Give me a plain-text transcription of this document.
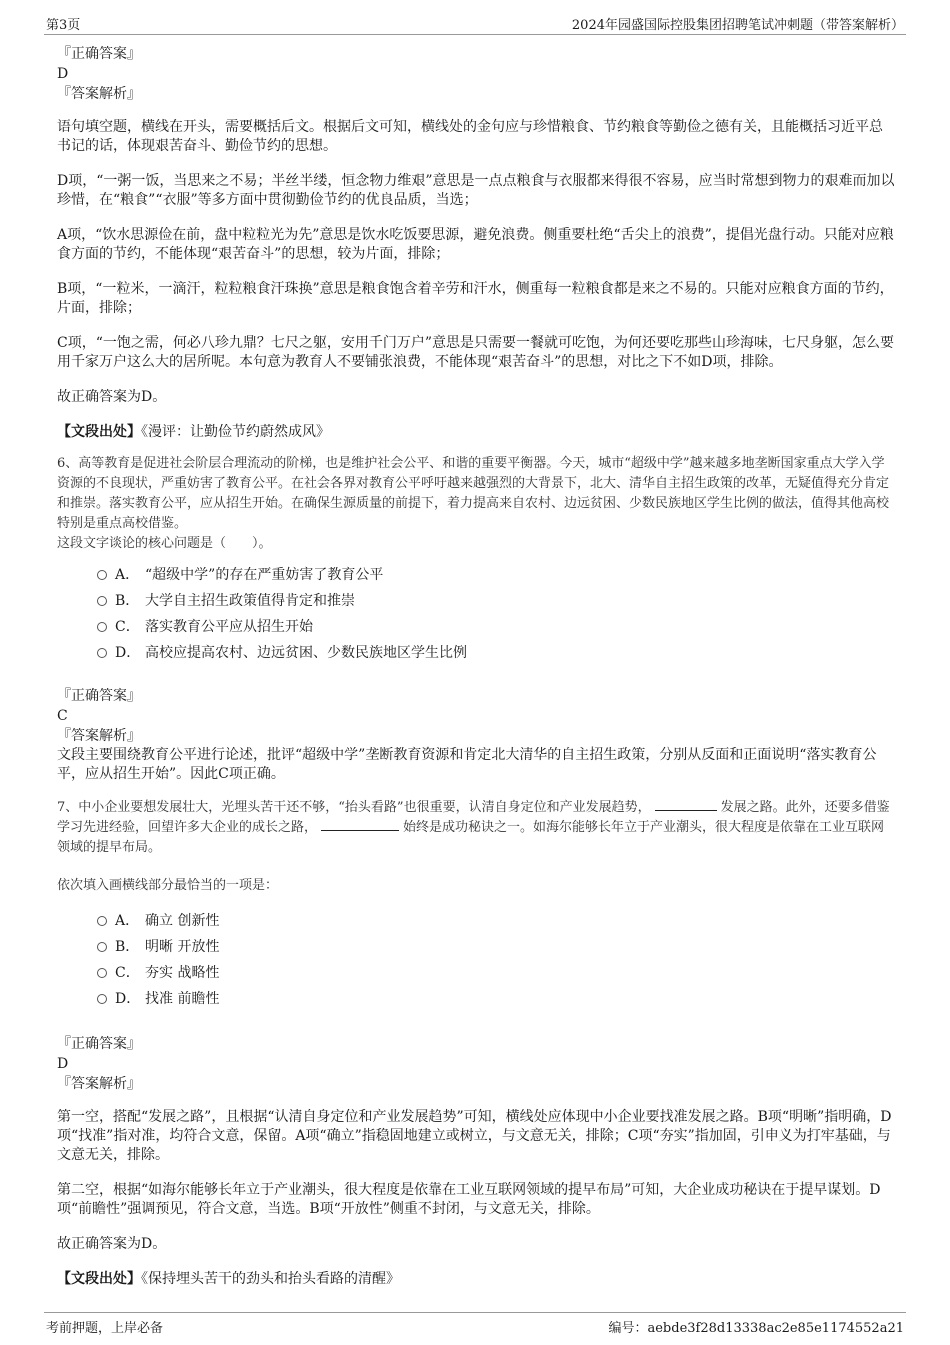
第3页	2024年园盛国际控股集团招聘笔试冲刺题（带答案解析）
『正确答案』
D
『答案解析』

语句填空题，横线在开头，需要概括后文。根据后文可知，横线处的金句应与珍惜粮食、节约粮食等勤俭之德有关，且能概括习近平总书记的话，体现艰苦奋斗、勤俭节约的思想。

D项，“一粥一饭，当思来之不易；半丝半缕，恒念物力维艰”意思是一点点粮食与衣服都来得很不容易，应当时常想到物力的艰难而加以珍惜，在“粮食”“衣服”等多方面中贯彻勤俭节约的优良品质，当选；

A项，“饮水思源俭在前，盘中粒粒光为先”意思是饮水吃饭要思源，避免浪费。侧重要杜绝“舌尖上的浪费”，提倡光盘行动。只能对应粮食方面的节约，不能体现“艰苦奋斗”的思想，较为片面，排除；

B项，“一粒米，一滴汗，粒粒粮食汗珠换”意思是粮食饱含着辛劳和汗水，侧重每一粒粮食都是来之不易的。只能对应粮食方面的节约，片面，排除；

C项，“一饱之需，何必八珍九鼎？七尺之躯，安用千门万户”意思是只需要一餐就可吃饱，为何还要吃那些山珍海味，七尺身躯，怎么要用千家万户这么大的居所呢。本句意为教育人不要铺张浪费，不能体现“艰苦奋斗”的思想，对比之下不如D项，排除。

故正确答案为D。

【文段出处】《漫评：让勤俭节约蔚然成风》

6、高等教育是促进社会阶层合理流动的阶梯，也是维护社会公平、和谐的重要平衡器。今天，城市“超级中学”越来越多地垄断国家重点大学入学资源的不良现状，严重妨害了教育公平。在社会各界对教育公平呼吁越来越强烈的大背景下，北大、清华自主招生政策的改革，无疑值得充分肯定和推崇。落实教育公平，应从招生开始。在确保生源质量的前提下，着力提高来自农村、边远贫困、少数民族地区学生比例的做法，值得其他高校特别是重点高校借鉴。

这段文字谈论的核心问题是（　　）。

A． “超级中学”的存在严重妨害了教育公平
B． 大学自主招生政策值得肯定和推崇
C． 落实教育公平应从招生开始
D． 高校应提高农村、边远贫困、少数民族地区学生比例
『正确答案』
C
『答案解析』

文段主要围绕教育公平进行论述，批评“超级中学”垄断教育资源和肯定北大清华的自主招生政策，分别从反面和正面说明“落实教育公平，应从招生开始”。因此C项正确。

7、中小企业要想发展壮大，光埋头苦干还不够，“抬头看路”也很重要，认清自身定位和产业发展趋势，	发展之路。此外，还要多借鉴学习先进经验，回望许多大企业的成长之路，	始终是成功秘诀之一。如海尔能够长年立于产业潮头，很大程度是依靠在工业互联网领域的提早布局。

依次填入画横线部分最恰当的一项是：

A． 确立 创新性
B． 明晰 开放性
C． 夯实 战略性
D． 找准 前瞻性
『正确答案』
D
『答案解析』

第一空，搭配“发展之路”，且根据“认清自身定位和产业发展趋势”可知，横线处应体现中小企业要找准发展之路。B项“明晰”指明确，D项“找准”指对准，均符合文意，保留。A项“确立”指稳固地建立或树立，与文意无关，排除；C项“夯实”指加固，引申义为打牢基础，与文意无关，排除。

第二空，根据“如海尔能够长年立于产业潮头，很大程度是依靠在工业互联网领域的提早布局”可知，大企业成功秘诀在于提早谋划。D项“前瞻性”强调预见，符合文意，当选。B项“开放性”侧重不封闭，与文意无关，排除。

故正确答案为D。

【文段出处】《保持埋头苦干的劲头和抬头看路的清醒》

考前押题，上岸必备	编号：aebde3f28d13338ac2e85e1174552a21
